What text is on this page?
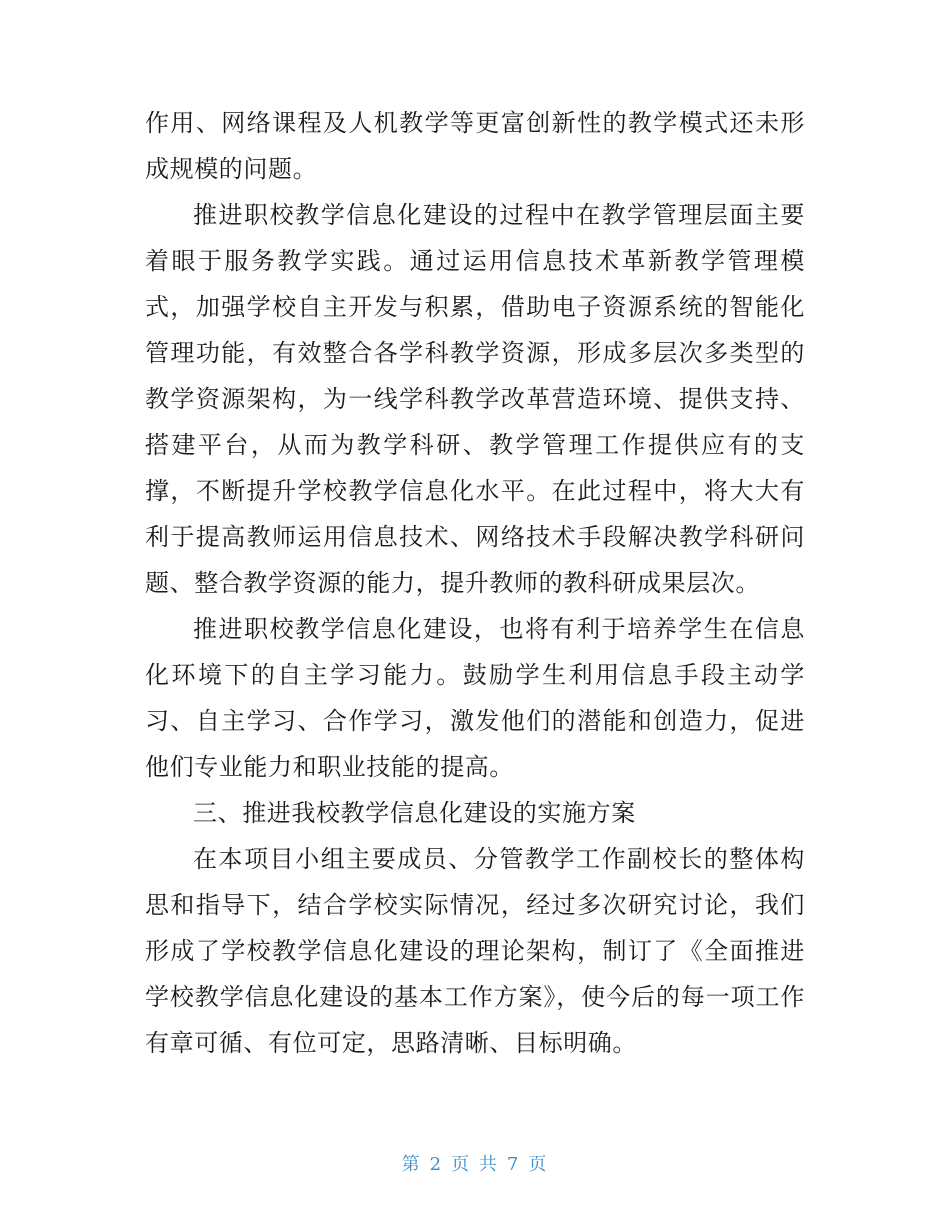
作用、网络课程及人机教学等更富创新性的教学模式还未形成规模的问题。

推进职校教学信息化建设的过程中在教学管理层面主要着眼于服务教学实践。通过运用信息技术革新教学管理模式，加强学校自主开发与积累，借助电子资源系统的智能化管理功能，有效整合各学科教学资源，形成多层次多类型的教学资源架构，为一线学科教学改革营造环境、提供支持、搭建平台，从而为教学科研、教学管理工作提供应有的支撑，不断提升学校教学信息化水平。在此过程中，将大大有利于提高教师运用信息技术、网络技术手段解决教学科研问题、整合教学资源的能力，提升教师的教科研成果层次。

推进职校教学信息化建设，也将有利于培养学生在信息化环境下的自主学习能力。鼓励学生利用信息手段主动学习、自主学习、合作学习，激发他们的潜能和创造力，促进他们专业能力和职业技能的提高。

三、推进我校教学信息化建设的实施方案

在本项目小组主要成员、分管教学工作副校长的整体构思和指导下，结合学校实际情况，经过多次研究讨论，我们形成了学校教学信息化建设的理论架构，制订了《全面推进学校教学信息化建设的基本工作方案》，使今后的每一项工作有章可循、有位可定，思路清晰、目标明确。

第 2 页 共 7 页
